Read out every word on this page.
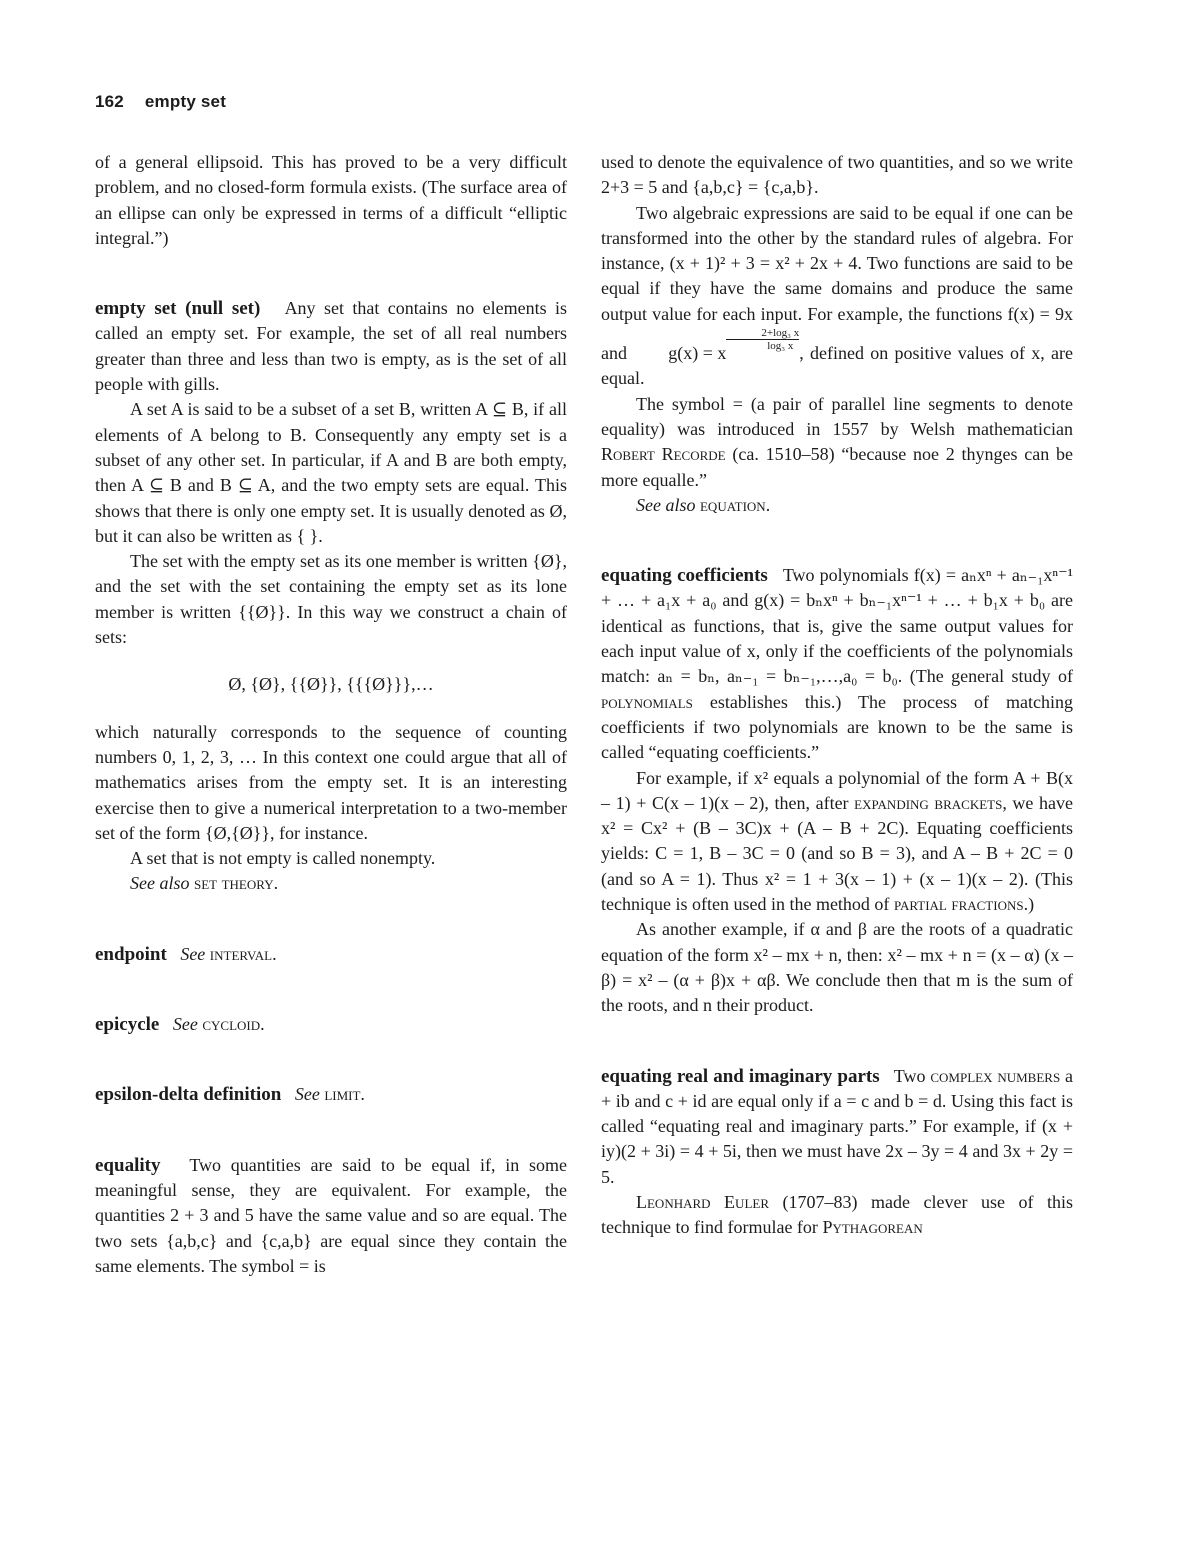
162 empty set

of a general ellipsoid. This has proved to be a very difficult problem, and no closed-form formula exists. (The surface area of an ellipse can only be expressed in terms of a difficult “elliptic integral.”)

empty set (null set) Any set that contains no elements is called an empty set. For example, the set of all real numbers greater than three and less than two is empty, as is the set of all people with gills.

A set A is said to be a subset of a set B, written A ⊆ B, if all elements of A belong to B. Consequently any empty set is a subset of any other set. In particular, if A and B are both empty, then A ⊆ B and B ⊆ A, and the two empty sets are equal. This shows that there is only one empty set. It is usually denoted as Ø, but it can also be written as { }.

The set with the empty set as its one member is written {Ø}, and the set with the set containing the empty set as its lone member is written {{Ø}}. In this way we construct a chain of sets:

Ø, {Ø}, {{Ø}}, {{{Ø}}},…

which naturally corresponds to the sequence of counting numbers 0, 1, 2, 3, … In this context one could argue that all of mathematics arises from the empty set. It is an interesting exercise then to give a numerical interpretation to a two-member set of the form {Ø,{Ø}}, for instance.

A set that is not empty is called nonempty.

See also set theory.

endpoint See interval.

epicycle See cycloid.

epsilon-delta definition See limit.

equality Two quantities are said to be equal if, in some meaningful sense, they are equivalent. For example, the quantities 2 + 3 and 5 have the same value and so are equal. The two sets {a,b,c} and {c,a,b} are equal since they contain the same elements. The symbol = is

used to denote the equivalence of two quantities, and so we write 2+3 = 5 and {a,b,c} = {c,a,b}.

Two algebraic expressions are said to be equal if one can be transformed into the other by the standard rules of algebra. For instance, (x + 1)² + 3 = x² + 2x + 4. Two functions are said to be equal if they have the same domains and produce the same output value for each input. For example, the functions f(x) = 9x and g(x) = x
$\frac{\text{2+log₃ x}}{\text{log₃ x}}$
, defined on positive values of x, are equal.

The symbol = (a pair of parallel line segments to denote equality) was introduced in 1557 by Welsh mathematician Robert Recorde (ca. 1510–58) “because noe 2 thynges can be more equalle.”

See also equation.

equating coefficients Two polynomials f(x) = aₙxⁿ + aₙ₋₁xⁿ⁻¹ + … + a₁x + a₀ and g(x) = bₙxⁿ + bₙ₋₁xⁿ⁻¹ + … + b₁x + b₀ are identical as functions, that is, give the same output values for each input value of x, only if the coefficients of the polynomials match: aₙ = bₙ, aₙ₋₁ = bₙ₋₁,…,a₀ = b₀. (The general study of polynomials establishes this.) The process of matching coefficients if two polynomials are known to be the same is called “equating coefficients.”

For example, if x² equals a polynomial of the form A + B(x – 1) + C(x – 1)(x – 2), then, after expanding brackets, we have x² = Cx² + (B – 3C)x + (A – B + 2C). Equating coefficients yields: C = 1, B – 3C = 0 (and so B = 3), and A – B + 2C = 0 (and so A = 1). Thus x² = 1 + 3(x – 1) + (x – 1)(x – 2). (This technique is often used in the method of partial fractions.)

As another example, if α and β are the roots of a quadratic equation of the form x² – mx + n, then: x² – mx + n = (x – α) (x – β) = x² – (α + β)x + αβ. We conclude then that m is the sum of the roots, and n their product.

equating real and imaginary parts Two complex numbers a + ib and c + id are equal only if a = c and b = d. Using this fact is called “equating real and imaginary parts.” For example, if (x + iy)(2 + 3i) = 4 + 5i, then we must have 2x – 3y = 4 and 3x + 2y = 5.

Leonhard Euler (1707–83) made clever use of this technique to find formulae for Pythagorean
